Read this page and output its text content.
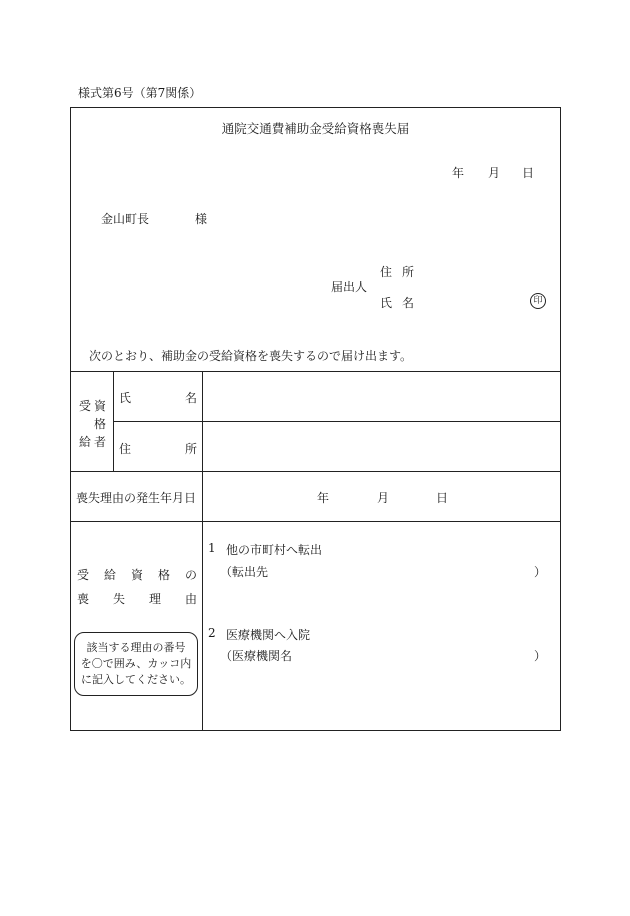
様式第6号（第7関係）
通院交通費補助金受給資格喪失届
年 月 日
金山町長	様
住 所
届出人
氏 名	印
次のとおり、補助金の受給資格を喪失するので届け出ます。
受 資
格
給 者
氏	名
住	所
喪失理由の発生年月日	年	月	日
受 給 資 格 の
喪 失 理 由
該当する理由の番号
を〇で囲み、カッコ内
に記入してください。
1 他の市町村へ転出
（転出先	）
2 医療機関へ入院
（医療機関名	）
